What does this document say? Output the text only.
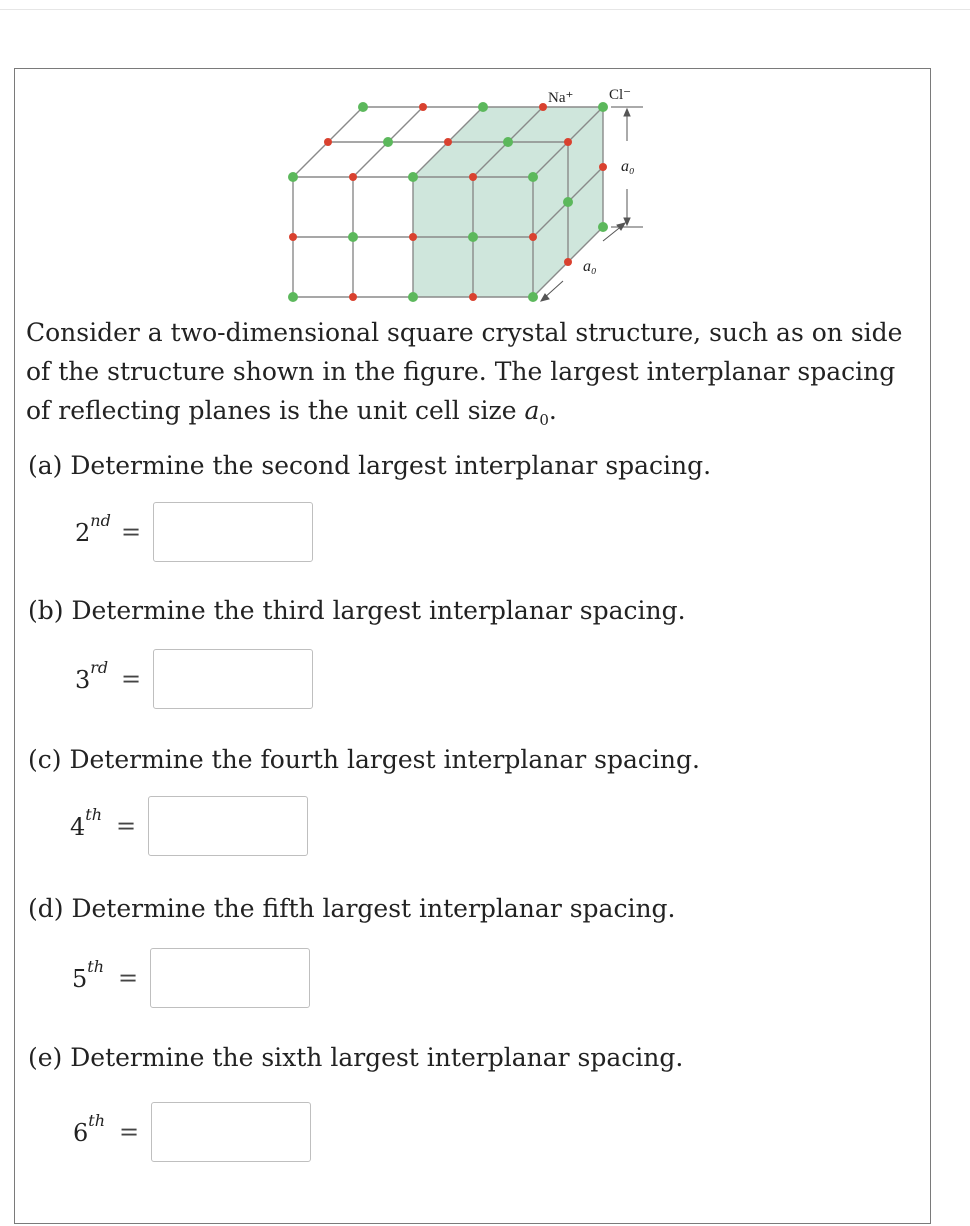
Na⁺ Cl⁻
a₀
a₀

Consider a two-dimensional square crystal structure, such as on side of the structure shown in the figure. The largest interplanar spacing of reflecting planes is the unit cell size $a_0$.

(a) Determine the second largest interplanar spacing.

2nd =

(b) Determine the third largest interplanar spacing.

3rd =

(c) Determine the fourth largest interplanar spacing.

4th =

(d) Determine the fifth largest interplanar spacing.

5th =

(e) Determine the sixth largest interplanar spacing.

6th =
